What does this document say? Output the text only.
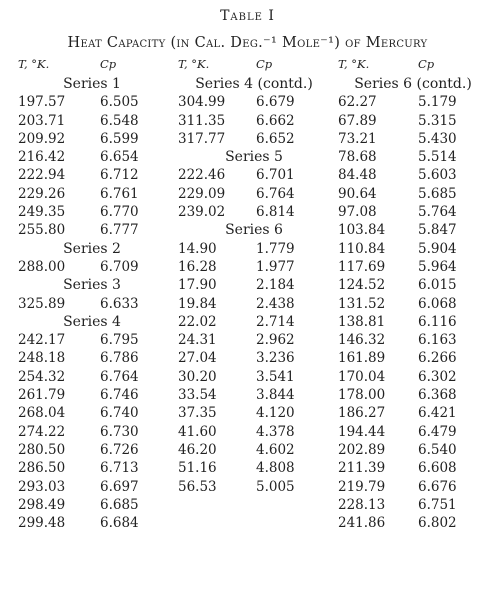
Table I
Heat Capacity (in Cal. Deg.⁻¹ Mole⁻¹) of Mercury
T, °K.	Cp
Series 1
197.57	6.505
203.71	6.548
209.92	6.599
216.42	6.654
222.94	6.712
229.26	6.761
249.35	6.770
255.80	6.777
Series 2
288.00	6.709
Series 3
325.89	6.633
Series 4
242.17	6.795
248.18	6.786
254.32	6.764
261.79	6.746
268.04	6.740
274.22	6.730
280.50	6.726
286.50	6.713
293.03	6.697
298.49	6.685
299.48	6.684
T, °K.	Cp
Series 4 (contd.)
304.99 6.679
311.35 6.662
317.77 6.652
Series 5
222.46 6.701
229.09 6.764
239.02 6.814
Series 6
14.90	1.779
16.28	1.977
17.90	2.184
19.84	2.438
22.02	2.714
24.31	2.962
27.04	3.236
30.20	3.541
33.54	3.844
37.35	4.120
41.60	4.378
46.20	4.602
51.16	4.808
56.53	5.005
T, °K.	Cp
Series 6 (contd.)
62.27	5.179
67.89	5.315
73.21	5.430
78.68	5.514
84.48	5.603
90.64	5.685
97.08	5.764
103.84 5.847
110.84 5.904
117.69 5.964
124.52 6.015
131.52 6.068
138.81 6.116
146.32 6.163
161.89 6.266
170.04 6.302
178.00 6.368
186.27 6.421
194.44 6.479
202.89 6.540
211.39 6.608
219.79 6.676
228.13 6.751
241.86 6.802
